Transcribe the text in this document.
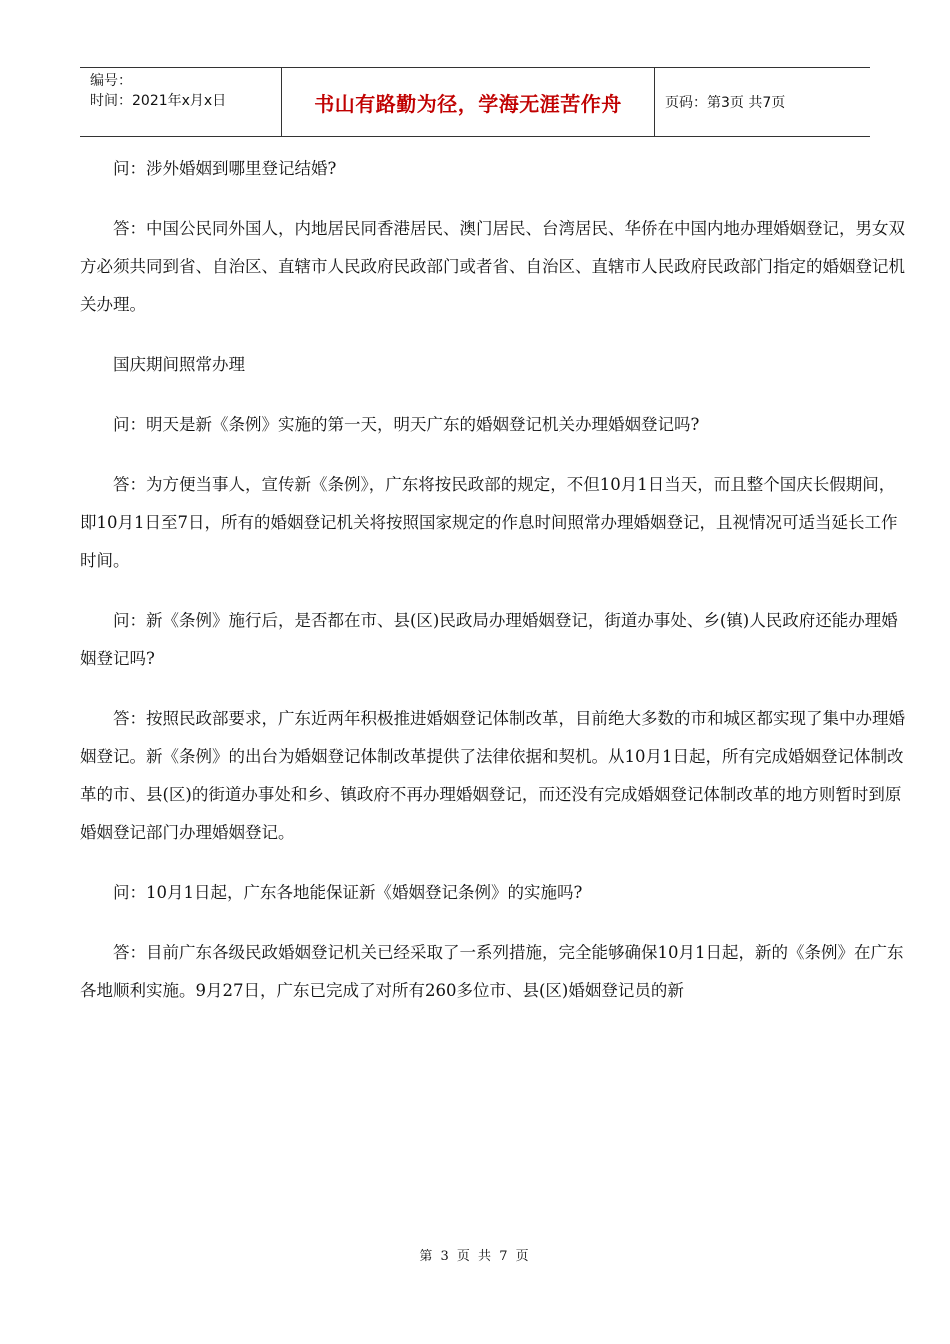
编号：
时间：2021年x月x日	书山有路勤为径，学海无涯苦作舟	页码：第3页 共7页

问：涉外婚姻到哪里登记结婚?

答：中国公民同外国人，内地居民同香港居民、澳门居民、台湾居民、华侨在中国内地办理婚姻登记，男女双方必须共同到省、自治区、直辖市人民政府民政部门或者省、自治区、直辖市人民政府民政部门指定的婚姻登记机关办理。

国庆期间照常办理

问：明天是新《条例》实施的第一天，明天广东的婚姻登记机关办理婚姻登记吗?

答：为方便当事人，宣传新《条例》，广东将按民政部的规定，不但10月1日当天，而且整个国庆长假期间，即10月1日至7日，所有的婚姻登记机关将按照国家规定的作息时间照常办理婚姻登记，且视情况可适当延长工作时间。

问：新《条例》施行后，是否都在市、县(区)民政局办理婚姻登记，街道办事处、乡(镇)人民政府还能办理婚姻登记吗?

答：按照民政部要求，广东近两年积极推进婚姻登记体制改革，目前绝大多数的市和城区都实现了集中办理婚姻登记。新《条例》的出台为婚姻登记体制改革提供了法律依据和契机。从10月1日起，所有完成婚姻登记体制改革的市、县(区)的街道办事处和乡、镇政府不再办理婚姻登记，而还没有完成婚姻登记体制改革的地方则暂时到原婚姻登记部门办理婚姻登记。

问：10月1日起，广东各地能保证新《婚姻登记条例》的实施吗?

答：目前广东各级民政婚姻登记机关已经采取了一系列措施，完全能够确保10月1日起，新的《条例》在广东各地顺利实施。9月27日，广东已完成了对所有260多位市、县(区)婚姻登记员的新

第 3 页 共 7 页
